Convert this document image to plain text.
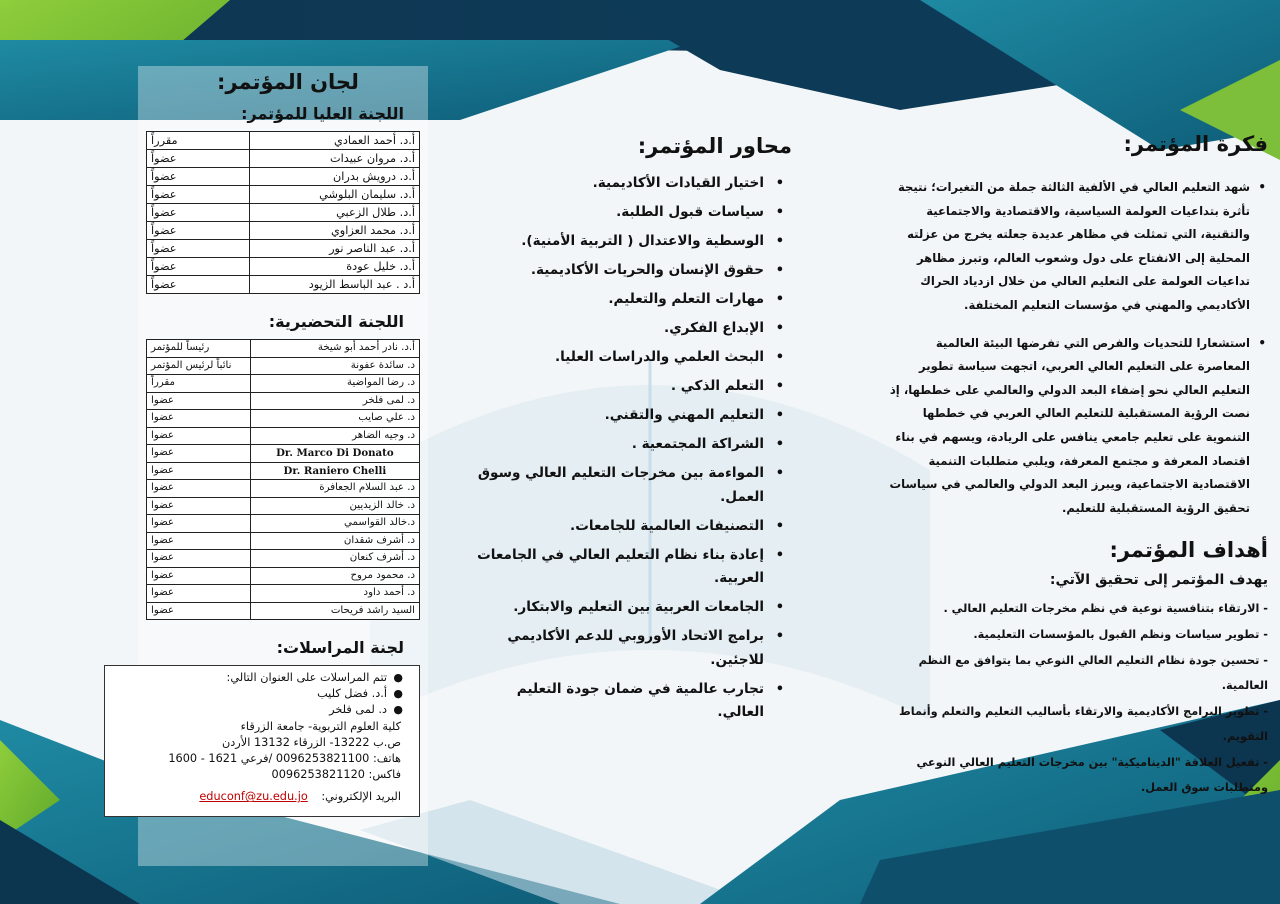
فكرة المؤتمر:
•
شهد التعليم العالي في الألفية الثالثة جملة من التغيرات؛ نتيجة تأثرة بتداعيات العولمة السياسية، والاقتصادية والاجتماعية والتقنية، التي تمثلت في مظاهر عديدة جعلته يخرج من عزلته المحلية إلى الانفتاح على دول وشعوب العالم، وتبرز مظاهر تداعيات العولمة على التعليم العالي من خلال ازدياد الحراك الأكاديمي والمهني في مؤسسات التعليم المختلفة.
•
استشعارا للتحديات والفرص التي تفرضها البيئة العالمية المعاصرة على التعليم العالي العربي، اتجهت سياسة تطوير التعليم العالي نحو إضفاء البعد الدولي والعالمي على خططها، إذ نصت الرؤية المستقبلية للتعليم العالي العربي في خططها التنموية على تعليم جامعي ينافس على الريادة، ويسهم في بناء اقتصاد المعرفة و مجتمع المعرفة، ويلبي متطلبات التنمية الاقتصادية الاجتماعية، ويبرز البعد الدولي والعالمي في سياسات تحقيق الرؤية المستقبلية للتعليم.
أهداف المؤتمر:
يهدف المؤتمر إلى تحقيق الآتي:
- الارتقاء بتنافسية نوعية في نظم مخرجات التعليم العالي .
- تطوير سياسات ونظم القبول بالمؤسسات التعليمية.
- تحسين جودة نظام التعليم العالي النوعي بما يتوافق مع النظم العالمية.
- تطوير البرامج الأكاديمية والارتقاء بأساليب التعليم والتعلم وأنماط التقويم.
- تفعيل العلاقة "الديناميكية" بين مخرجات التعليم العالي النوعي ومتطلبات سوق العمل.
محاور المؤتمر:
•
اختيار القيادات الأكاديمية.
•
سياسات قبول الطلبة.
•
الوسطية والاعتدال ( التربية الأمنية).
•
حقوق الإنسان والحريات الأكاديمية.
•
مهارات التعلم والتعليم.
•
الإبداع الفكري.
•
البحث العلمي والدراسات العليا.
•
التعلم الذكي .
•
التعليم المهني والتقني.
•
الشراكة المجتمعية .
•
المواءمة بين مخرجات التعليم العالي وسوق العمل.
•
التصنيفات العالمية للجامعات.
•
إعادة بناء نظام التعليم العالي في الجامعات العربية.
•
الجامعات العربية بين التعليم والابتكار.
•
برامج الاتحاد الأوروبي للدعم الأكاديمي للاجئين.
•
تجارب عالمية في ضمان جودة التعليم العالي.
لجان المؤتمر:
اللجنة العليا للمؤتمر:
أ.د. أحمد العمادي	مقرراً
أ.د. مروان عبيدات	عضواً
أ.د. درويش بدران	عضواً
أ.د. سليمان البلوشي	عضواً
أ.د. طلال الزعبي	عضواً
أ.د. محمد العزاوي	عضواً
أ.د. عبد الناصر نور	عضواً
أ.د. خليل عودة	عضواً
أ.د . عبد الباسط الزيود	عضواً
اللجنة التحضيرية:
أ.د. نادر أحمد أبو شيخة	رئيساً للمؤتمر
د. سائدة عفونة	نائباً لرئيس المؤتمر
د. رضا المواضية	مقرراً
د. لمى فلخر	عضوا
د. علي صايب	عضوا
د. وجيه الضاهر	عضوا
Dr. Marco Di Donato	عضوا
Dr. Raniero Chelli	عضوا
د. عبد السلام الجعافرة	عضوا
د. خالد الزيديين	عضوا
د.خالد القواسمي	عضوا
د. أشرف شقدان	عضوا
د. أشرف كنعان	عضوا
د. محمود مروح	عضوا
د. أحمد داود	عضوا
السيد راشد فريحات	عضوا
لجنة المراسلات:
●
تتم المراسلات على العنوان التالي:
●
أ.د. فضل كليب
●
د. لمى فلخر
كلية العلوم التربوية- جامعة الزرقاء
ص.ب 13222- الزرقاء 13132 الأردن
هاتف: 0096253821100 /فرعي 1621 - 1600
فاكس: 0096253821120
البريد الإلكتروني: educonf@zu.edu.jo
